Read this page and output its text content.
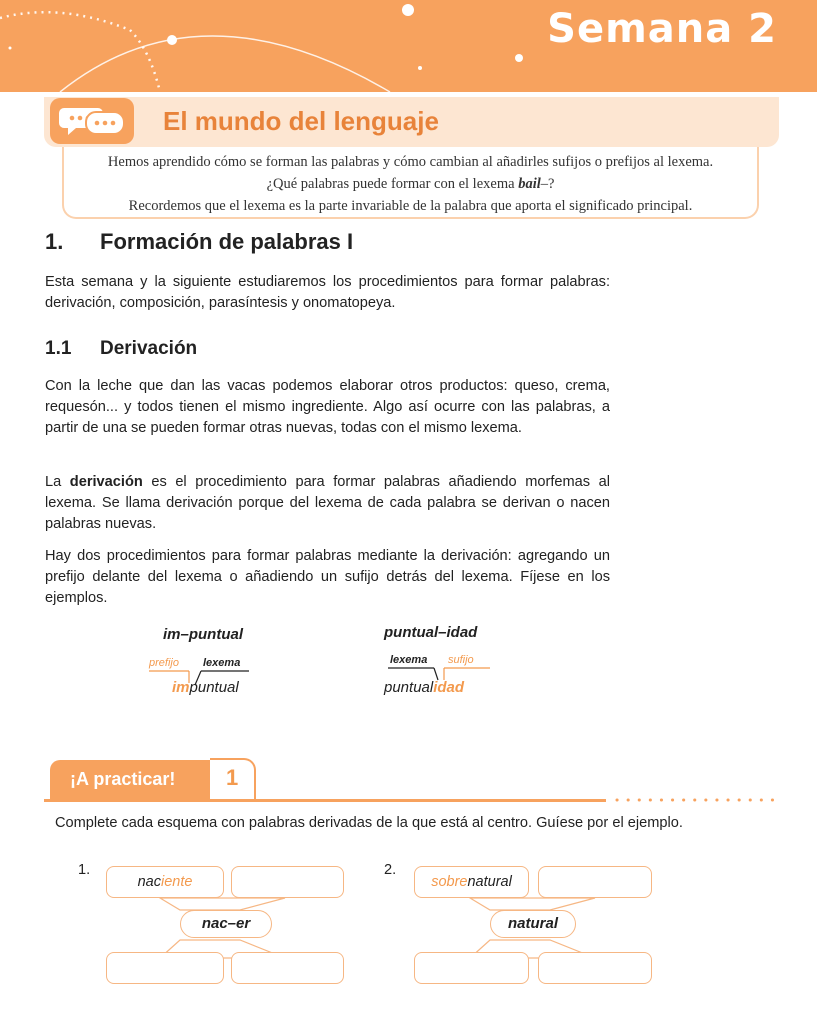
Semana 2
El mundo del lenguaje
Hemos aprendido cómo se forman las palabras y cómo cambian al añadirles sufijos o prefijos al lexema.
¿Qué palabras puede formar con el lexema bail–?
Recordemos que el lexema es la parte invariable de la palabra que aporta el significado principal.
1. Formación de palabras I
Esta semana y la siguiente estudiaremos los procedimientos para formar palabras: derivación, composición, parasíntesis y onomatopeya.
1.1 Derivación
Con la leche que dan las vacas podemos elaborar otros productos: queso, crema, requesón... y todos tienen el mismo ingrediente. Algo así ocurre con las palabras, a partir de una se pueden formar otras nuevas, todas con el mismo lexema.
La derivación es el procedimiento para formar palabras añadiendo morfemas al lexema. Se llama derivación porque del lexema de cada palabra se derivan o nacen palabras nuevas.
Hay dos procedimientos para formar palabras mediante la derivación: agregando un prefijo delante del lexema o añadiendo un sufijo detrás del lexema. Fíjese en los ejemplos.
im–puntual
prefijo lexema
impuntual
puntual–idad
lexema sufijo
puntualidad
¡A practicar! 1
Complete cada esquema con palabras derivadas de la que está al centro. Guíese por el ejemplo.
1.
naciente
nac–er
2.
sobrenatural
natural
